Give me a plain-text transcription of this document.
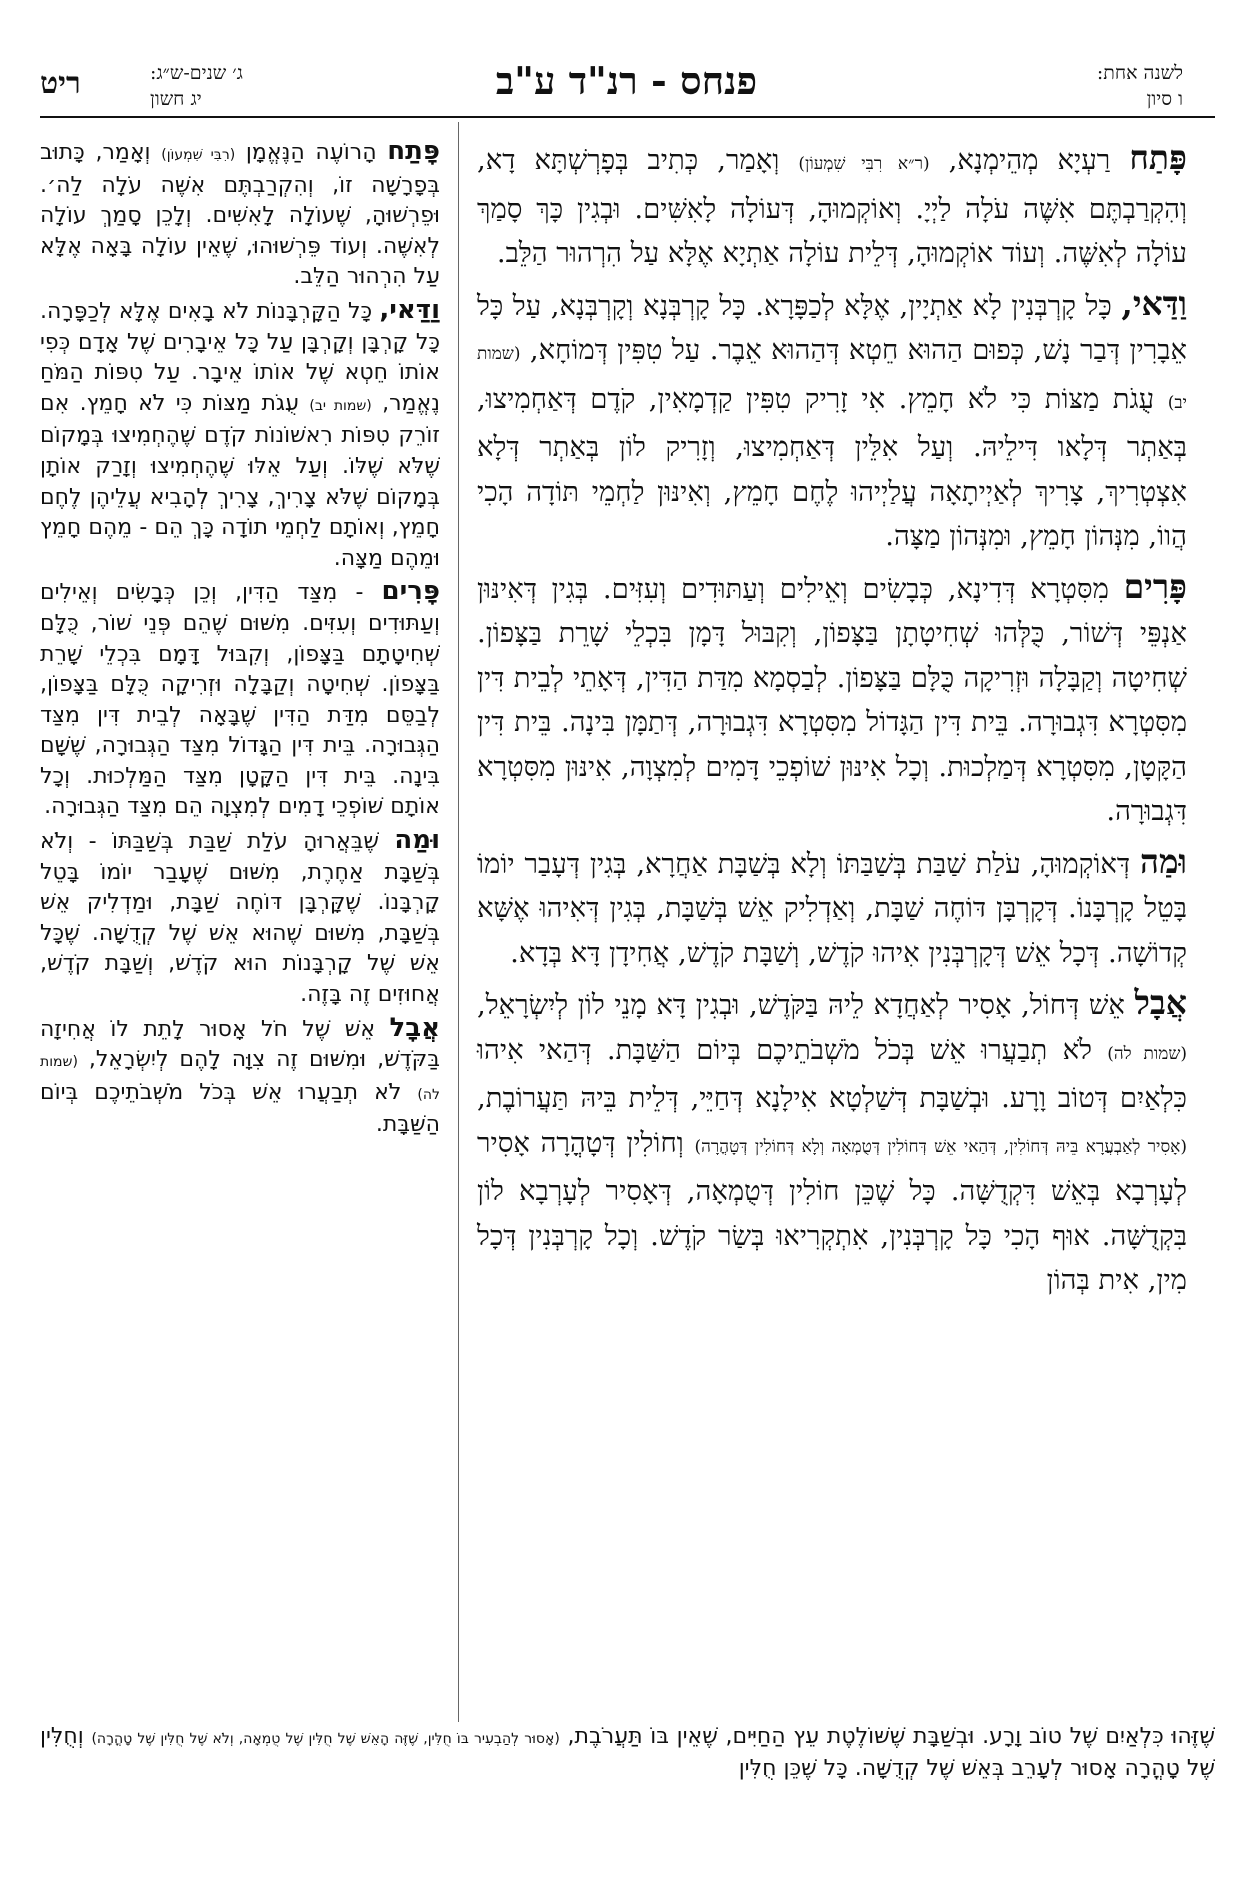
פנחס - רנ"ד ע"ב	לשנה אחת:
ו סיון
ג׳ שנים-ש״ג:
יג חשון
ריט

פָּתַח רַעְיָא מְהֵימְנָא, (ר״א רִבִּי שִׁמְעוֹן) וְאָמַר, כְּתִיב בְּפָרְשְׁתָּא דָא, וְהִקְרַבְתֶּם אִשֶּׁה עֹלָה לַיְיָ. וְאוֹקְמוּהָ, דְּעוֹלָה לָאִשִּׁים. וּבְגִין כָּךְ סָמַךְ עוֹלָה לְאִשֶּׁה. וְעוֹד אוֹקְמוּהָ, דְּלֵית עוֹלָה אַתְיָא אֶלָּא עַל הִרְהוּר הַלֵּב.

וַדַּאי, כָּל קָרְבְּנִין לָא אַתְיָין, אֶלָּא לְכַפָּרָא. כָּל קָרְבְּנָא וְקָרְבְּנָא, עַל כָּל אֵבָרִין דְּבַר נָשׁ, כְּפוּם הַהוּא חֵטְא דְּהַהוּא אֵבֶר. עַל טִפִּין דְּמוֹחָא, (שמות יב) עֻגֹת מַצּוֹת כִּי לֹא חָמֵץ. אִי זָרִיק טִפִּין קַדְמָאִין, קֹדֶם דְּאַחְמִיצוּ, בְּאַתְר דְּלָאו דִּילֵיהּ. וְעַל אִלֵּין דְּאַחְמִיצוּ, וְזָרִיק לוֹן בְּאַתְר דְּלָא אִצְטְרִיךְ, צָרִיךְ לְאַיְיתָאָה עֲלַיְיהוּ לֶחֶם חָמֵץ, וְאִינּוּן לַחְמֵי תּוֹדָה הָכִי הֲווֹ, מִנְּהוֹן חָמֵץ, וּמִנְּהוֹן מַצָּה.

פָּרִים מִסִּטְרָא דְּדִינָא, כְּבָשִׂים וְאֵילִים וְעַתּוּדִים וְעִזִּים. בְּגִין דְּאִינּוּן אַנְפֵּי דְּשׁוֹר, כֻּלְּהוּ שְׁחִיטָתָן בַּצָּפוֹן, וְקִבּוּל דָּמָן בִּכְלֵי שָׁרֵת בַּצָּפוֹן. שְׁחִיטָה וְקַבָּלָה וּזְרִיקָה כֻּלָּם בַּצָּפוֹן. לְבַסְמָא מִדַּת הַדִּין, דְּאָתֵי לְבֵית דִּין מִסִּטְרָא דִּגְבוּרָה. בֵּית דִּין הַגָּדוֹל מִסִּטְרָא דִּגְבוּרָה, דְּתַמָּן בִּינָה. בֵּית דִּין הַקָּטָן, מִסִּטְרָא דְּמַלְכוּת. וְכָל אִינּוּן שׁוֹפְכֵי דָּמִים לְמִצְוָה, אִינּוּן מִסִּטְרָא דִּגְבוּרָה.

וּמַה דְּאוֹקְמוּהָ, עֹלַת שַׁבַּת בְּשַׁבַּתּוֹ וְלָא בְּשַׁבָּת אַחֲרָא, בְּגִין דְּעָבַר יוֹמוֹ בָּטֵל קָרְבָּנוֹ. דְּקָרְבָּן דּוֹחֶה שַׁבָּת, וְאַדְלִיק אֵשׁ בְּשַׁבָּת, בְּגִין דְּאִיהוּ אֶשָּׁא קְדוֹשָׁה. דְּכָל אֵשׁ דְּקָרְבְּנִין אִיהוּ קֹדֶשׁ, וְשַׁבָּת קֹדֶשׁ, אֲחִידָן דָּא בְּדָא.

אֲבָל אֵשׁ דְּחוֹל, אָסִיר לְאַחֲדָא לֵיהּ בַּקֹּדֶשׁ, וּבְגִין דָּא מָנֵי לוֹן לְיִשְׂרָאֵל, (שמות לה) לֹא תְבַעֲרוּ אֵשׁ בְּכֹל מֹשְׁבֹתֵיכֶם בְּיוֹם הַשַּׁבָּת. דְּהַאי אִיהוּ כִּלְאַיִם דְּטוֹב וָרָע. וּבְשַׁבָּת דְּשַׁלְטָא אִילָנָא דְּחַיֵּי, דְּלֵית בֵּיהּ תַּעֲרוֹבֶת, (אָסִיר לְאַבְעֲרָא בֵּיהּ דְּחוֹלִין, דְּהַאי אֵשׁ דְּחוֹלִין דְּטֻמְאָה וְלָא דְּחוֹלִין דְּטָהֳרָה) וְחוֹלִין דְּטָהֳרָה אָסִיר לְעָרְבָא בְּאֵשׁ דִּקְדֻשָּׁה. כָּל שֶׁכֵּן חוֹלִין דְּטֻמְאָה, דְּאָסִיר לְעָרְבָא לוֹן בִּקְדֻשָּׁה. אוּף הָכִי כָּל קָרְבְּנִין, אִתְקְרִיאוּ בְּשַׂר קֹדֶשׁ. וְכָל קָרְבְּנִין דְּכָל מִין, אִית בְּהוֹן

פָּתַח הָרוֹעֶה הַנֶּאֱמָן (רִבִּי שִׁמְעוֹן) וְאָמַר, כָּתוּב בְּפָרָשָׁה זוֹ, וְהִקְרַבְתֶּם אִשֶּׁה עֹלָה לַה׳. וּפֵרְשׁוּהָ, שֶׁעוֹלָה לָאִשִּׁים. וְלָכֵן סָמַךְ עוֹלָה לְאִשֶּׁה. וְעוֹד פֵּרְשׁוּהוּ, שֶׁאֵין עוֹלָה בָּאָה אֶלָּא עַל הִרְהוּר הַלֵּב.

וַדַּאי, כָּל הַקָּרְבָּנוֹת לֹא בָאִים אֶלָּא לְכַפָּרָה. כָּל קָרְבָּן וְקָרְבָּן עַל כָּל אֵיבָרִים שֶׁל אָדָם כְּפִי אוֹתוֹ חֵטְא שֶׁל אוֹתוֹ אֵיבָר. עַל טִפּוֹת הַמֹּחַ נֶאֱמַר, (שמות יב) עֻגֹת מַצּוֹת כִּי לֹא חָמֵץ. אִם זוֹרֵק טִפּוֹת רִאשׁוֹנוֹת קֹדֶם שֶׁהֶחְמִיצוּ בְּמָקוֹם שֶׁלֹּא שֶׁלּוֹ. וְעַל אֵלּוּ שֶׁהֶחְמִיצוּ וְזָרַק אוֹתָן בְּמָקוֹם שֶׁלֹּא צָרִיךְ, צָרִיךְ לְהָבִיא עֲלֵיהֶן לֶחֶם חָמֵץ, וְאוֹתָם לַחְמֵי תוֹדָה כָּךְ הֵם - מֵהֶם חָמֵץ וּמֵהֶם מַצָּה.

פָּרִים - מִצַּד הַדִּין, וְכֵן כְּבָשִׂים וְאֵילִים וְעַתּוּדִים וְעִזִּים. מִשּׁוּם שֶׁהֵם פְּנֵי שׁוֹר, כֻּלָּם שְׁחִיטָתָם בַּצָּפוֹן, וְקִבּוּל דָּמָם בִּכְלֵי שָׁרֵת בַּצָּפוֹן. שְׁחִיטָה וְקַבָּלָה וּזְרִיקָה כֻּלָּם בַּצָּפוֹן, לְבַסֵּם מִדַּת הַדִּין שֶׁבָּאָה לְבֵית דִּין מִצַּד הַגְּבוּרָה. בֵּית דִּין הַגָּדוֹל מִצַּד הַגְּבוּרָה, שֶׁשָּׁם בִּינָה. בֵּית דִּין הַקָּטָן מִצַּד הַמַּלְכוּת. וְכָל אוֹתָם שׁוֹפְכֵי דָמִים לְמִצְוָה הֵם מִצַּד הַגְּבוּרָה.

וּמַה שֶׁבֵּאֲרוּהָ עֹלַת שַׁבַּת בְּשַׁבַּתּוֹ - וְלֹא בְּשַׁבָּת אַחֶרֶת, מִשּׁוּם שֶׁעָבַר יוֹמוֹ בָּטֵל קָרְבָּנוֹ. שֶׁקָּרְבָּן דּוֹחֶה שַׁבָּת, וּמַדְלִיק אֵשׁ בְּשַׁבָּת, מִשּׁוּם שֶׁהוּא אֵשׁ שֶׁל קְדֻשָּׁה. שֶׁכָּל אֵשׁ שֶׁל קָרְבָּנוֹת הוּא קֹדֶשׁ, וְשַׁבָּת קֹדֶשׁ, אֲחוּזִים זֶה בָּזֶה.

אֲבָל אֵשׁ שֶׁל חֹל אָסוּר לָתֵת לוֹ אֲחִיזָה בַּקֹּדֶשׁ, וּמִשּׁוּם זֶה צִוָּה לָהֶם לְיִשְׂרָאֵל, (שמות לה) לֹא תְבַעֲרוּ אֵשׁ בְּכֹל מֹשְׁבֹתֵיכֶם בְּיוֹם הַשַּׁבָּת.

שֶׁזֶּהוּ כִּלְאַיִם שֶׁל טוֹב וָרָע. וּבְשַׁבָּת שֶׁשּׁוֹלֶטֶת עֵץ הַחַיִּים, שֶׁאֵין בּוֹ תַּעֲרֹבֶת, (אָסוּר לְהַבְעִיר בּוֹ חֻלִּין, שֶׁזֶּה הָאֵשׁ שֶׁל חֻלִּין שֶׁל טֻמְאָה, וְלֹא שֶׁל חֻלִּין שֶׁל טָהֳרָה) וְחֻלִּין שֶׁל טָהֳרָה אָסוּר לְעָרֵב בְּאֵשׁ שֶׁל קְדֻשָּׁה. כָּל שֶׁכֵּן חֻלִּין
